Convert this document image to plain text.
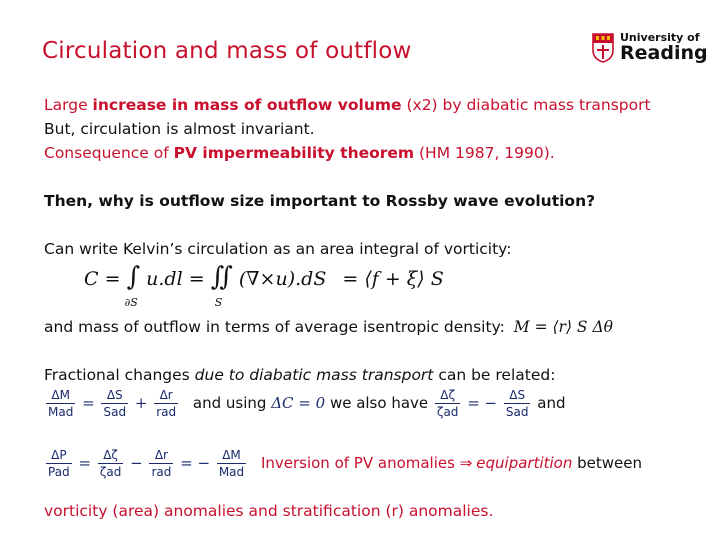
Circulation and mass of outflow
University of
Reading
Large increase in mass of outflow volume (x2) by diabatic mass transport
But, circulation is almost invariant.
Consequence of PV impermeability theorem (HM 1987, 1990).
Then, why is outflow size important to Rossby wave evolution?
Can write Kelvin’s circulation as an area integral of vorticity:
C = ∫
∂S
u.dl = ∬
S
(∇×u).dS = ⟨f + ξ⟩ S
and mass of outflow in terms of average isentropic density: M = ⟨r⟩ S Δθ
Fractional changes due to diabatic mass transport can be related:
$\frac{\Delta M}{\text{Mad}} = \frac{\Delta S}{\text{Sad}} + \frac{\Delta r}{\text{rad}}$ and using ΔC = 0 we also have $\frac{\Delta\zeta}{\text{ζad}}$ = − $\frac{\Delta S}{\text{Sad}}$ and
$\frac{\Delta P}{\text{Pad}} = \frac{\Delta\zeta}{\text{ζad}} - \frac{\Delta r}{\text{rad}}$ = − $\frac{\Delta M}{\text{Mad}}$ Inversion of PV anomalies ⇒ equipartition between
vorticity (area) anomalies and stratification (r) anomalies.
